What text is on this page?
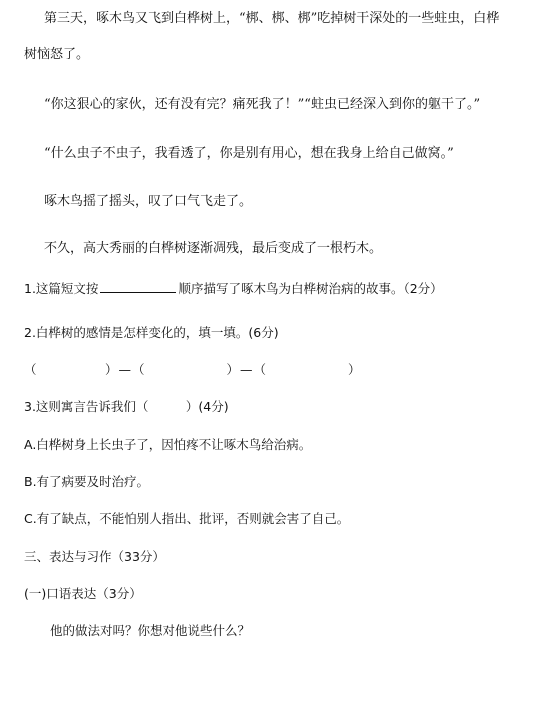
第三天，啄木鸟又飞到白桦树上，“梆、梆、梆”吃掉树干深处的一些蛀虫，白桦
树恼怒了。
“你这狠心的家伙，还有没有完？痛死我了！”“蛀虫已经深入到你的躯干了。”
“什么虫子不虫子，我看透了，你是别有用心，想在我身上给自己做窝。”
啄木鸟摇了摇头，叹了口气飞走了。
不久，高大秀丽的白桦树逐渐凋残，最后变成了一根朽木。
1.这篇短文按	顺序描写了啄木鸟为白桦树治病的故事。（2分）
2.白桦树的感情是怎样变化的，填一填。(6分)
（　　　　　）—（　　　　　　）—（　　　　　　）
3.这则寓言告诉我们（　　　）(4分)
A.白桦树身上长虫子了，因怕疼不让啄木鸟给治病。
B.有了病要及时治疗。
C.有了缺点，不能怕别人指出、批评，否则就会害了自己。
三、表达与习作（33分）
(一)口语表达（3分）
他的做法对吗？你想对他说些什么？
